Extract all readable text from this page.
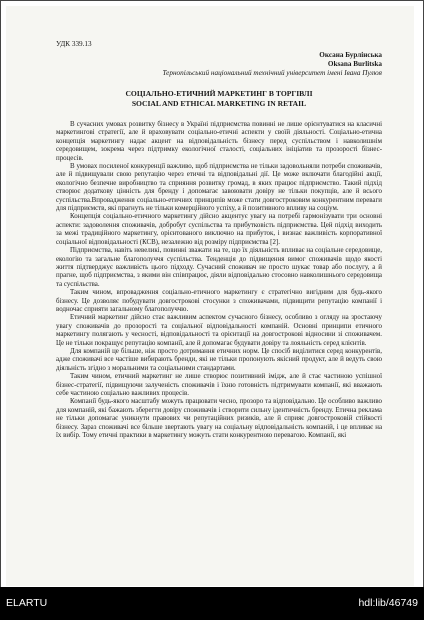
УДК 339.13
Оксана Бурлінська
Oksana Burlitska
Тернопільський національний технічний університет імені Івана Пулюя
СОЦІАЛЬНО-ЕТИЧНИЙ МАРКЕТИНГ В ТОРГІВЛІ
SOCIAL AND ETHICAL MARKETING IN RETAIL

В сучасних умовах розвитку бізнесу в Україні підприємства повинні не лише орієнтуватися на класичні маркетингові стратегії, але й враховувати соціально-етичні аспекти у своїй діяльності. Соціально-етична концепція маркетингу надає акцент на відповідальність бізнесу перед суспільством і навколишнім середовищем, зокрема через підтримку екологічної сталості, соціальних ініціатив та прозорості бізнес-процесів.

В умовах посиленої конкуренції важливо, щоб підприємства не тільки задовольняли потреби споживачів, але й підвищували свою репутацію через етичні та відповідальні дії. Це може включати благодійні акції, екологічно безпечне виробництво та сприяння розвитку громад, в яких працює підприємство. Такий підхід створює додаткову цінність для бренду і допомагає завоювати довіру не тільки покупців, але й всього суспільства.Впровадження соціально-етичних принципів може стати довгостроковим конкурентним переваги для підприємств, які прагнуть не тільки комерційного успіху, а й позитивного впливу на соціум.

Концепція соціально-етичного маркетингу дійсно акцентує увагу на потребі гармонізувати три основні аспекти: задоволення споживачів, добробут суспільства та прибутковість підприємства. Цей підхід виходить за межі традиційного маркетингу, орієнтованого виключно на прибуток, і визнає важливість корпоративної соціальної відповідальності (КСВ), незалежно від розміру підприємства [2].

Підприємства, навіть невеликі, повинні зважати на те, що їх діяльність впливає на соціальне середовище, екологію та загальне благополуччя суспільства. Тенденція до підвищення вимог споживачів щодо якості життя підтверджує важливість цього підходу. Сучасний споживач не просто шукає товар або послугу, а й прагне, щоб підприємства, з якими він співпрацює, діяли відповідально стосовно навколишнього середовища та суспільства.

Таким чином, впровадження соціально-етичного маркетингу є стратегічно вигідним для будь-якого бізнесу. Це дозволяє побудувати довгострокові стосунки з споживачами, підвищити репутацію компанії і водночас сприяти загальному благополуччю.

Етичний маркетинг дійсно стає важливим аспектом сучасного бізнесу, особливо з огляду на зростаючу увагу споживачів до прозорості та соціальної відповідальності компаній. Основні принципи етичного маркетингу полягають у чесності, відповідальності та орієнтації на довгострокові відносини зі споживачем. Це не тільки покращує репутацію компанії, але й допомагає будувати довіру та лояльність серед клієнтів.

Для компаній це більше, ніж просто дотримання етичних норм. Це спосіб виділитися серед конкурентів, адже споживачі все частіше вибирають бренди, які не тільки пропонують якісний продукт, але й ведуть свою діяльність згідно з моральними та соціальними стандартами.

Таким чином, етичний маркетинг не лише створює позитивний імідж, але й стає частиною успішної бізнес-стратегії, підвищуючи залученість споживачів і їхню готовність підтримувати компанії, які вважають себе частиною соціально важливих процесів.

Компанії будь-якого масштабу можуть працювати чесно, прозоро та відповідально. Це особливо важливо для компаній, які бажають зберегти довіру споживачів і створити сильну ідентичність бренду. Етична реклама не тільки допомагає уникнути правових чи репутаційних ризиків, але й сприяє довгостроковій стійкості бізнесу. Зараз споживачі все більше звертають увагу на соціальну відповідальність компаній, і це впливає на їх вибір. Тому етичні практики в маркетингу можуть стати конкурентною перевагою. Компанії, які

ELARTU	hdl:lib/46749
